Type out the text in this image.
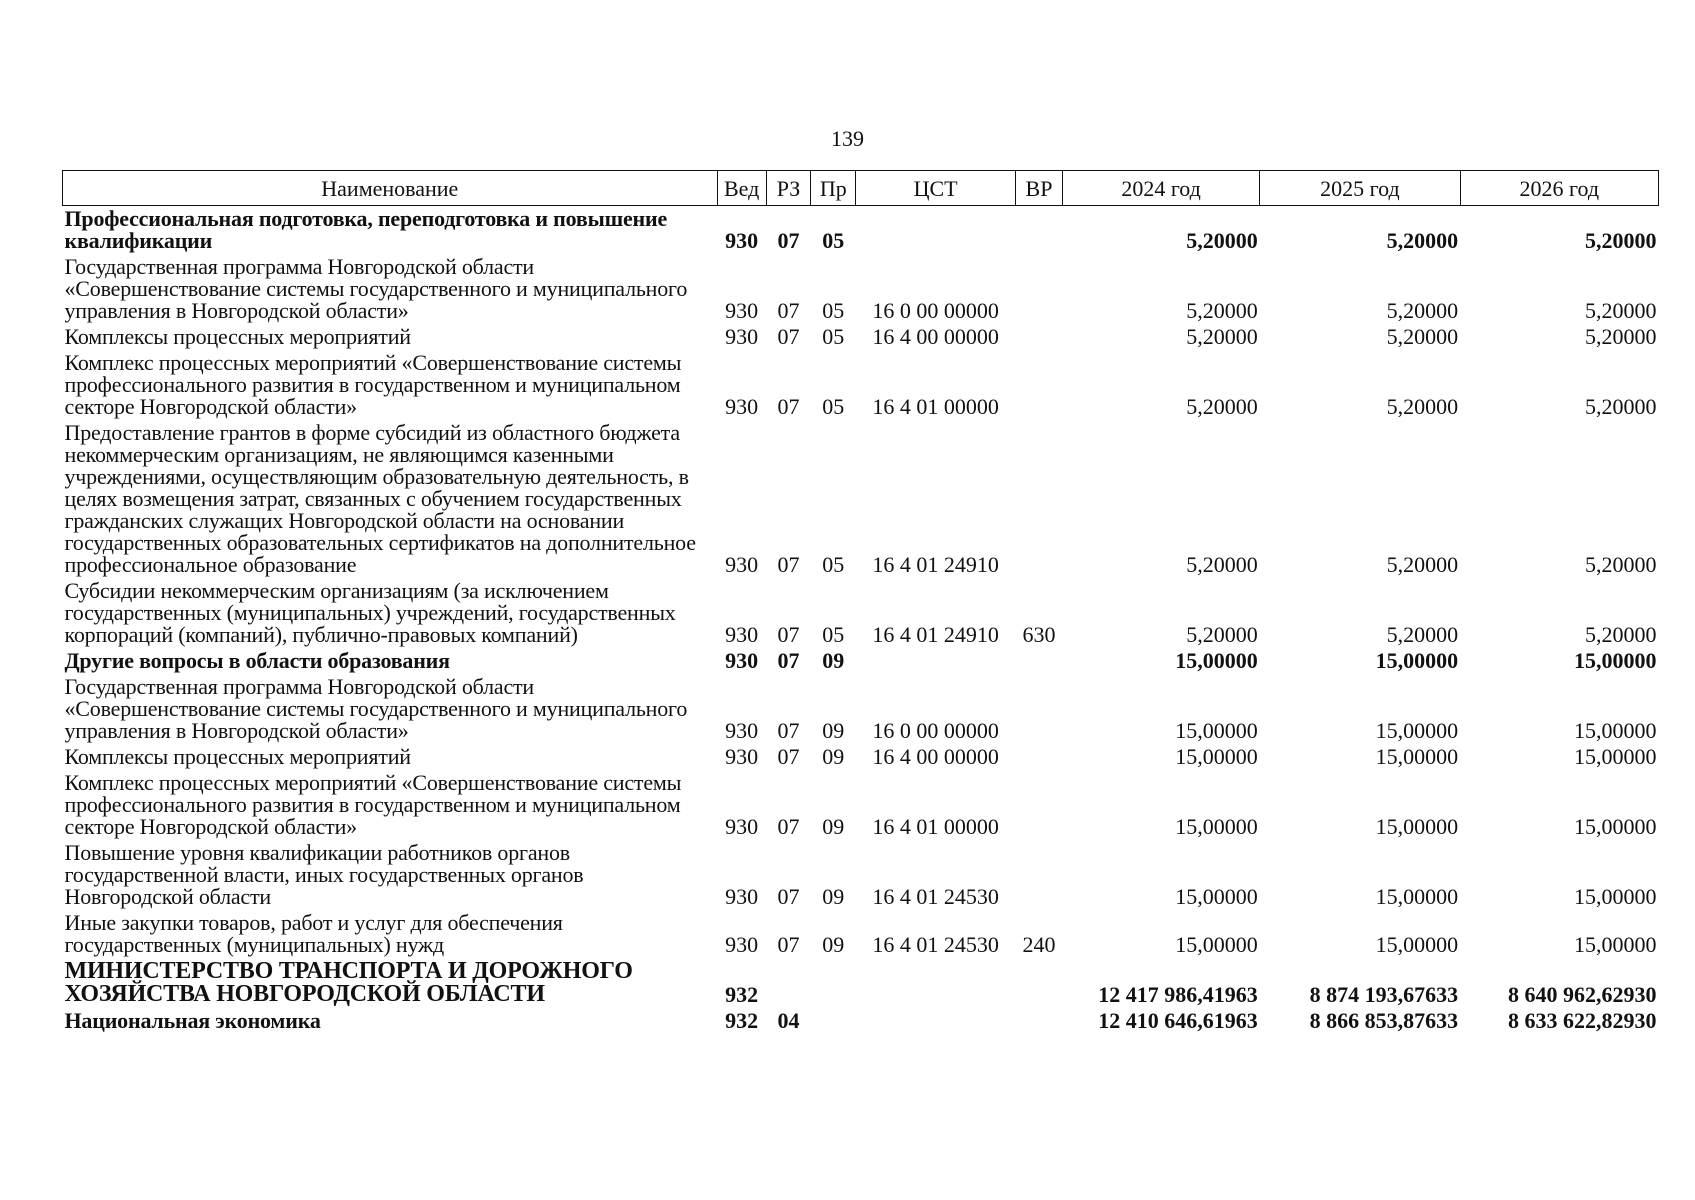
139
Наименование	Вед	РЗ	Пр	ЦСТ	ВР	2024 год	2025 год	2026 год
Профессиональная подготовка, переподготовка и повышение квалификации	930	07	05			5,20000	5,20000	5,20000
Государственная программа Новгородской области «Совершенствование системы государственного и муниципального управления в Новгородской области»	930	07	05	16 0 00 00000		5,20000	5,20000	5,20000
Комплексы процессных мероприятий	930	07	05	16 4 00 00000		5,20000	5,20000	5,20000
Комплекс процессных мероприятий «Совершенствование системы профессионального развития в государственном и муниципальном секторе Новгородской области»	930	07	05	16 4 01 00000		5,20000	5,20000	5,20000
Предоставление грантов в форме субсидий из областного бюджета некоммерческим организациям, не являющимся казенными учреждениями, осуществляющим образовательную деятельность, в целях возмещения затрат, связанных с обучением государственных гражданских служащих Новгородской области на основании государственных образовательных сертификатов на дополнительное профессиональное образование	930	07	05	16 4 01 24910		5,20000	5,20000	5,20000
Субсидии некоммерческим организациям (за исключением государственных (муниципальных) учреждений, государственных корпораций (компаний), публично-правовых компаний)	930	07	05	16 4 01 24910	630	5,20000	5,20000	5,20000
Другие вопросы в области образования	930	07	09			15,00000	15,00000	15,00000
Государственная программа Новгородской области «Совершенствование системы государственного и муниципального управления в Новгородской области»	930	07	09	16 0 00 00000		15,00000	15,00000	15,00000
Комплексы процессных мероприятий	930	07	09	16 4 00 00000		15,00000	15,00000	15,00000
Комплекс процессных мероприятий «Совершенствование системы профессионального развития в государственном и муниципальном секторе Новгородской области»	930	07	09	16 4 01 00000		15,00000	15,00000	15,00000
Повышение уровня квалификации работников органов государственной власти, иных государственных органов Новгородской области	930	07	09	16 4 01 24530		15,00000	15,00000	15,00000
Иные закупки товаров, работ и услуг для обеспечения государственных (муниципальных) нужд	930	07	09	16 4 01 24530	240	15,00000	15,00000	15,00000
МИНИСТЕРСТВО ТРАНСПОРТА И ДОРОЖНОГО ХОЗЯЙСТВА НОВГОРОДСКОЙ ОБЛАСТИ	932					12 417 986,41963	8 874 193,67633	8 640 962,62930
Национальная экономика	932	04				12 410 646,61963	8 866 853,87633	8 633 622,82930
